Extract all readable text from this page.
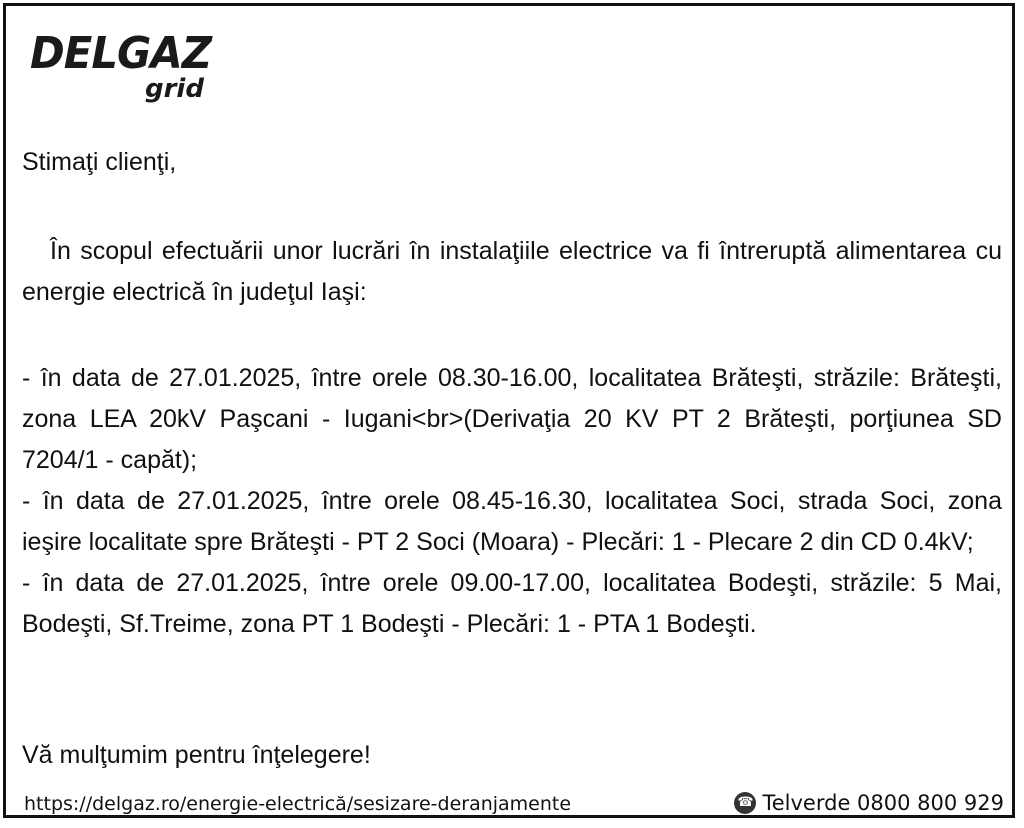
DELGAZ
grid
Stimaţi clienţi,
În scopul efectuării unor lucrări în instalaţiile electrice va fi întreruptă alimentarea cu energie electrică în judeţul Iaşi:
- în data de 27.01.2025, între orele 08.30-16.00, localitatea Brăteşti, străzile: Brăteşti, zona LEA 20kV Paşcani - Iugani<br>(Derivaţia 20 KV PT 2 Brăteşti, porţiunea SD 7204/1 - capăt);
- în data de 27.01.2025, între orele 08.45-16.30, localitatea Soci, strada Soci, zona ieşire localitate spre Brăteşti - PT 2 Soci (Moara) - Plecări: 1 - Plecare 2 din CD 0.4kV;
- în data de 27.01.2025, între orele 09.00-17.00, localitatea Bodeşti, străzile: 5 Mai, Bodeşti, Sf.Treime, zona PT 1 Bodeşti - Plecări: 1 - PTA 1 Bodeşti.
Vă mulţumim pentru înţelegere!
https://delgaz.ro/energie-electrică/sesizare-deranjamente	☎ Telverde 0800 800 929
